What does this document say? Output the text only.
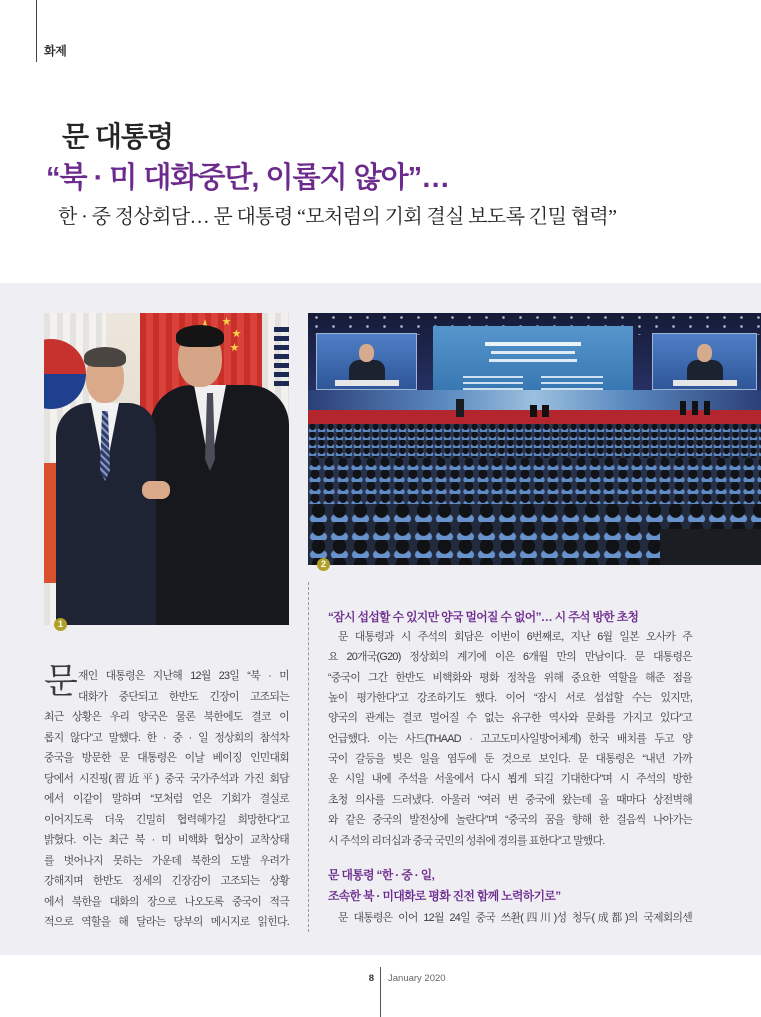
화제
문 대통령
“북 · 미 대화중단, 이롭지 않아”…
한 · 중 정상회담… 문 대통령 “모처럼의 기회 결실 보도록 긴밀 협력”
1
2
문 재인 대통령은 지난해 12월 23일 “북 · 미
대화가 중단되고 한반도 긴장이 고조되는
최근 상황은 우리 양국은 물론 북한에도 결코 이
롭지 않다”고 말했다. 한 · 중 · 일 정상회의 참석차
중국을 방문한 문 대통령은 이날 베이징 인민대회
당에서 시진핑(習近平) 중국 국가주석과 가진 회담
에서 이같이 말하며 “모처럼 얻은 기회가 결실로
이어지도록 더욱 긴밀히 협력해가길 희망한다”고
밝혔다. 이는 최근 북 · 미 비핵화 협상이 교착상태
를 벗어나지 못하는 가운데 북한의 도발 우려가
강해지며 한반도 정세의 긴장감이 고조되는 상황
에서 북한을 대화의 장으로 나오도록 중국이 적극
적으로 역할을 해 달라는 당부의 메시지로 읽힌다.
“잠시 섭섭할 수 있지만 양국 멀어질 수 없어”… 시 주석 방한 초청
문 대통령과 시 주석의 회담은 이번이 6번째로, 지난 6월 일본 오사카 주
요 20개국(G20) 정상회의 계기에 이은 6개월 만의 만남이다. 문 대통령은
“중국이 그간 한반도 비핵화와 평화 정착을 위해 중요한 역할을 해준 점을
높이 평가한다”고 강조하기도 했다. 이어 “잠시 서로 섭섭할 수는 있지만,
양국의 관계는 결코 멀어질 수 없는 유구한 역사와 문화를 가지고 있다”고
언급했다. 이는 사드(THAAD · 고고도미사일방어체계) 한국 배치를 두고 양
국이 갈등을 빚은 일을 염두에 둔 것으로 보인다. 문 대통령은 “내년 가까
운 시일 내에 주석을 서울에서 다시 뵙게 되길 기대한다”며 시 주석의 방한
초청 의사를 드러냈다. 아울러 “여러 번 중국에 왔는데 올 때마다 상전벽해
와 같은 중국의 발전상에 놀란다”며 “중국의 꿈을 향해 한 걸음씩 나아가는
시 주석의 리더십과 중국 국민의 성취에 경의를 표한다”고 말했다.
문 대통령 “한 · 중 · 일,
조속한 북 · 미대화로 평화 진전 함께 노력하기로”
문 대통령은 이어 12월 24일 중국 쓰촨(四川)성 청두(成都)의 국제회의센
8 January 2020
